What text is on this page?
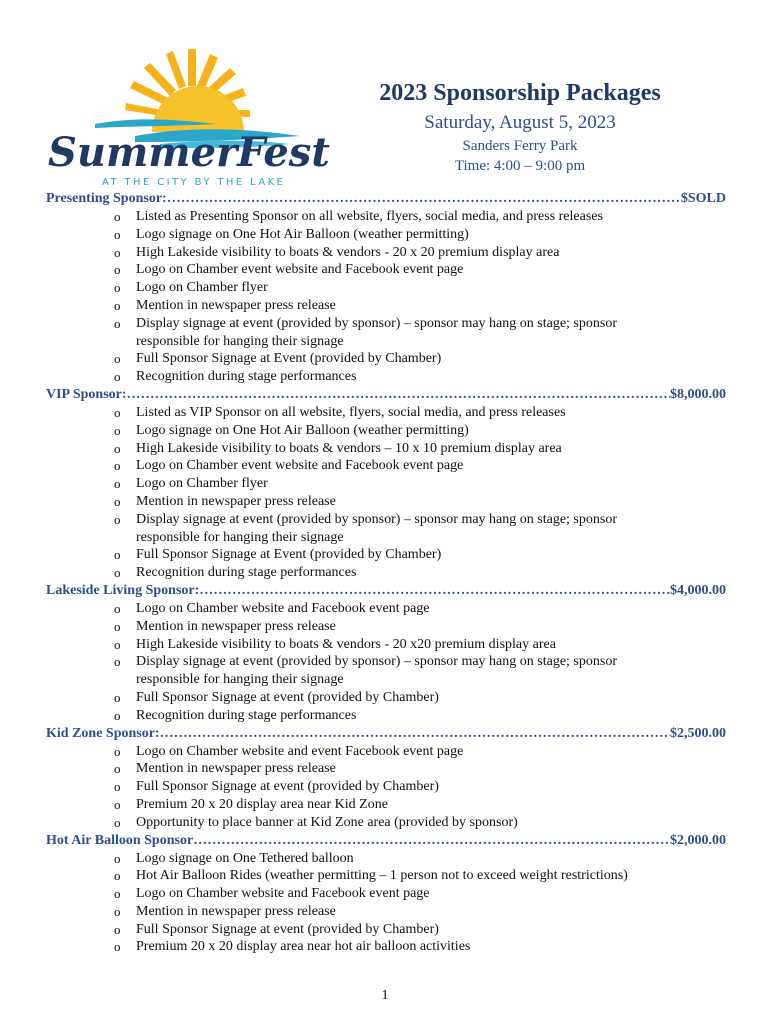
SummerFest
AT THE CITY BY THE LAKE
2023 Sponsorship Packages
Saturday, August 5, 2023
Sanders Ferry Park
Time: 4:00 – 9:00 pm
Presenting Sponsor: ……………………………………………………………………………………………………………………………………………………	$SOLD
o Listed as Presenting Sponsor on all website, flyers, social media, and press releases
o Logo signage on One Hot Air Balloon (weather permitting)
o High Lakeside visibility to boats & vendors - 20 x 20 premium display area
o Logo on Chamber event website and Facebook event page
o Logo on Chamber flyer
o Mention in newspaper press release
o Display signage at event (provided by sponsor) – sponsor may hang on stage; sponsor
responsible for hanging their signage
o Full Sponsor Signage at Event (provided by Chamber)
o Recognition during stage performances
VIP Sponsor: ……………………………………………………………………………………………………………………………………………………	$8,000.00
o Listed as VIP Sponsor on all website, flyers, social media, and press releases
o Logo signage on One Hot Air Balloon (weather permitting)
o High Lakeside visibility to boats & vendors – 10 x 10 premium display area
o Logo on Chamber event website and Facebook event page
o Logo on Chamber flyer
o Mention in newspaper press release
o Display signage at event (provided by sponsor) – sponsor may hang on stage; sponsor
responsible for hanging their signage
o Full Sponsor Signage at Event (provided by Chamber)
o Recognition during stage performances
Lakeside Living Sponsor: ……………………………………………………………………………………………………………………………………………………	$4,000.00
o Logo on Chamber website and Facebook event page
o Mention in newspaper press release
o High Lakeside visibility to boats & vendors - 20 x20 premium display area
o Display signage at event (provided by sponsor) – sponsor may hang on stage; sponsor
responsible for hanging their signage
o Full Sponsor Signage at event (provided by Chamber)
o Recognition during stage performances
Kid Zone Sponsor: ……………………………………………………………………………………………………………………………………………………	$2,500.00
o Logo on Chamber website and event Facebook event page
o Mention in newspaper press release
o Full Sponsor Signage at event (provided by Chamber)
o Premium 20 x 20 display area near Kid Zone
o Opportunity to place banner at Kid Zone area (provided by sponsor)
Hot Air Balloon Sponsor ……………………………………………………………………………………………………………………………………………………	$2,000.00
o Logo signage on One Tethered balloon
o Hot Air Balloon Rides (weather permitting – 1 person not to exceed weight restrictions)
o Logo on Chamber website and Facebook event page
o Mention in newspaper press release
o Full Sponsor Signage at event (provided by Chamber)
o Premium 20 x 20 display area near hot air balloon activities
1
